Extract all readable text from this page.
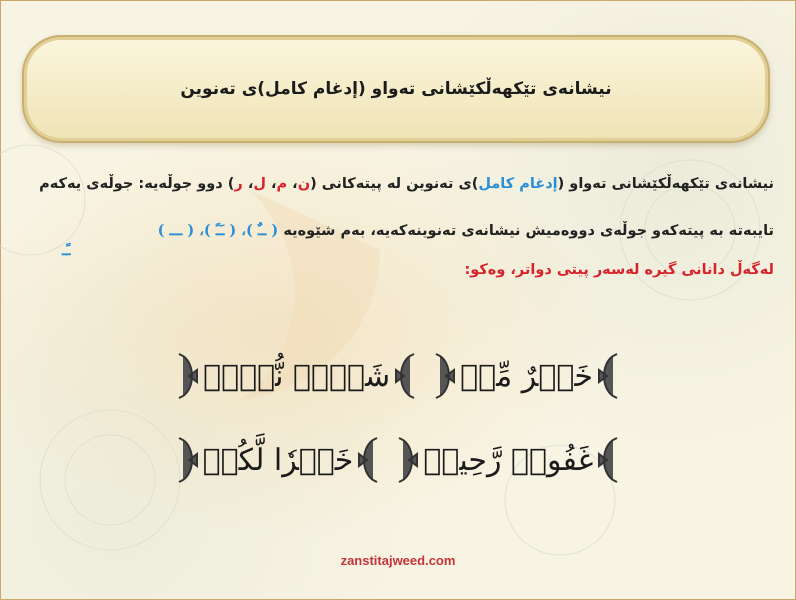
نیشانەی تێکهەڵکێشانی تەواو (إدغام کامل)ی تەنوین
نیشانەی تێکهەڵکێشانی تەواو (إدغام کامل)ی تەنوین لە پیتەکانی (ن، م، ل، ر) دوو جوڵەیە: جوڵەی یەکەم
تایبەتە بە پیتەکەو جوڵەی دووەمیش نیشانەی تەنوینەکەیە، بەم شێوەیە ( ــٌٌ )، ( ـَـً )، ( ـــ )
ـًـ
لەگەڵ دانانی گیرە لەسەر پیتی دواتر، وەکو:
خَيۡرٌ مِّنۡ
شَیۡءٖ نُّكۡرٖ
غَفُورٞ رَّحِيمٞ
خَيۡرٗا لَّكُمۡ
zanstitajweed.com
